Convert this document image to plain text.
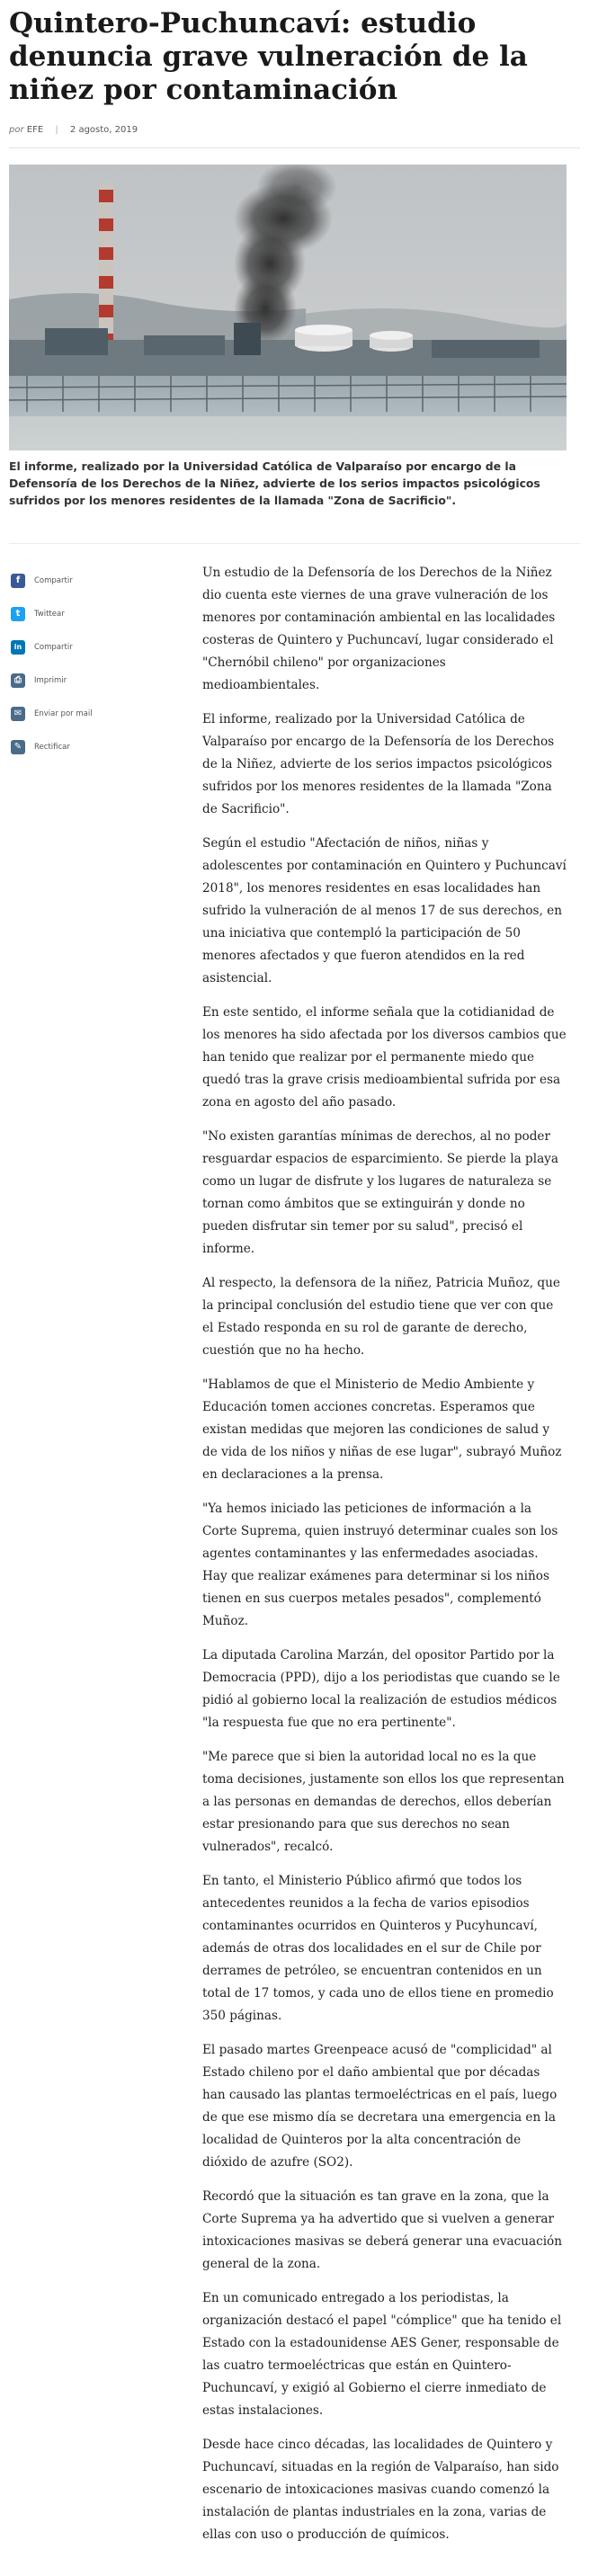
Quintero-Puchuncaví: estudio denuncia grave vulneración de la niñez por contaminación
por EFE | 2 agosto, 2019

El informe, realizado por la Universidad Católica de Valparaíso por encargo de la Defensoría de los Derechos de la Niñez, advierte de los serios impactos psicológicos sufridos por los menores residentes de la llamada "Zona de Sacrificio".

f	Compartir
t	Twittear
in	Compartir
⎙	Imprimir
✉	Enviar por mail
✎	Rectificar

Un estudio de la Defensoría de los Derechos de la Niñez dio cuenta este viernes de una grave vulneración de los menores por contaminación ambiental en las localidades costeras de Quintero y Puchuncaví, lugar considerado el "Chernóbil chileno" por organizaciones medioambientales.

El informe, realizado por la Universidad Católica de Valparaíso por encargo de la Defensoría de los Derechos de la Niñez, advierte de los serios impactos psicológicos sufridos por los menores residentes de la llamada "Zona de Sacrificio".

Según el estudio "Afectación de niños, niñas y adolescentes por contaminación en Quintero y Puchuncaví 2018", los menores residentes en esas localidades han sufrido la vulneración de al menos 17 de sus derechos, en una iniciativa que contempló la participación de 50 menores afectados y que fueron atendidos en la red asistencial.

En este sentido, el informe señala que la cotidianidad de los menores ha sido afectada por los diversos cambios que han tenido que realizar por el permanente miedo que quedó tras la grave crisis medioambiental sufrida por esa zona en agosto del año pasado.

"No existen garantías mínimas de derechos, al no poder resguardar espacios de esparcimiento. Se pierde la playa como un lugar de disfrute y los lugares de naturaleza se tornan como ámbitos que se extinguirán y donde no pueden disfrutar sin temer por su salud", precisó el informe.

Al respecto, la defensora de la niñez, Patricia Muñoz, que la principal conclusión del estudio tiene que ver con que el Estado responda en su rol de garante de derecho, cuestión que no ha hecho.

"Hablamos de que el Ministerio de Medio Ambiente y Educación tomen acciones concretas. Esperamos que existan medidas que mejoren las condiciones de salud y de vida de los niños y niñas de ese lugar", subrayó Muñoz en declaraciones a la prensa.

"Ya hemos iniciado las peticiones de información a la Corte Suprema, quien instruyó determinar cuales son los agentes contaminantes y las enfermedades asociadas. Hay que realizar exámenes para determinar si los niños tienen en sus cuerpos metales pesados", complementó Muñoz.

La diputada Carolina Marzán, del opositor Partido por la Democracia (PPD), dijo a los periodistas que cuando se le pidió al gobierno local la realización de estudios médicos "la respuesta fue que no era pertinente".

"Me parece que si bien la autoridad local no es la que toma decisiones, justamente son ellos los que representan a las personas en demandas de derechos, ellos deberían estar presionando para que sus derechos no sean vulnerados", recalcó.

En tanto, el Ministerio Público afirmó que todos los antecedentes reunidos a la fecha de varios episodios contaminantes ocurridos en Quinteros y Pucyhuncaví, además de otras dos localidades en el sur de Chile por derrames de petróleo, se encuentran contenidos en un total de 17 tomos, y cada uno de ellos tiene en promedio 350 páginas.

El pasado martes Greenpeace acusó de "complicidad" al Estado chileno por el daño ambiental que por décadas han causado las plantas termoeléctricas en el país, luego de que ese mismo día se decretara una emergencia en la localidad de Quinteros por la alta concentración de dióxido de azufre (SO2).

Recordó que la situación es tan grave en la zona, que la Corte Suprema ya ha advertido que si vuelven a generar intoxicaciones masivas se deberá generar una evacuación general de la zona.

En un comunicado entregado a los periodistas, la organización destacó el papel "cómplice" que ha tenido el Estado con la estadounidense AES Gener, responsable de las cuatro termoeléctricas que están en Quintero-Puchuncaví, y exigió al Gobierno el cierre inmediato de estas instalaciones.

Desde hace cinco décadas, las localidades de Quintero y Puchuncaví, situadas en la región de Valparaíso, han sido escenario de intoxicaciones masivas cuando comenzó la instalación de plantas industriales en la zona, varias de ellas con uso o producción de químicos.
